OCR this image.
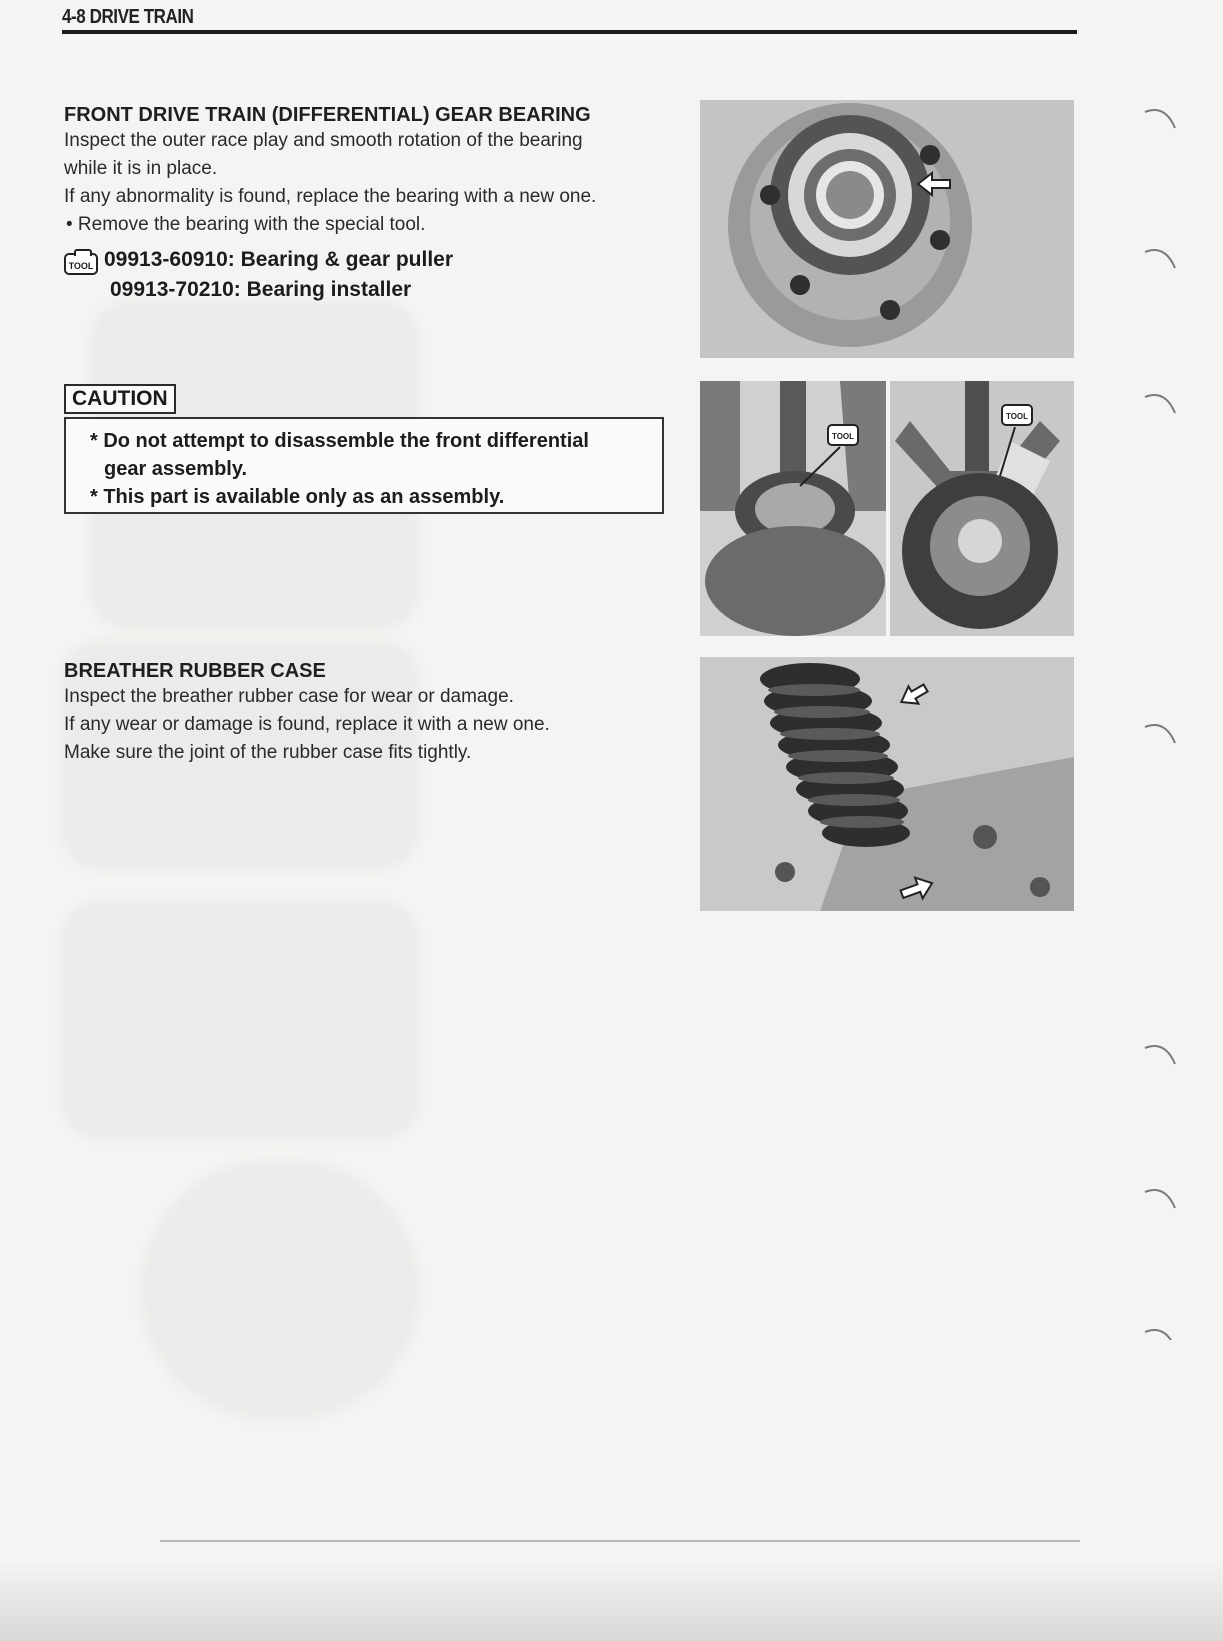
4-8 DRIVE TRAIN
FRONT DRIVE TRAIN (DIFFERENTIAL) GEAR BEARING
Inspect the outer race play and smooth rotation of the bearing
while it is in place.
If any abnormality is found, replace the bearing with a new one.
• Remove the bearing with the special tool.
TOOL 09913-60910: Bearing & gear puller
09913-70210: Bearing installer
CAUTION
* Do not attempt to disassemble the front differential
gear assembly.
* This part is available only as an assembly.
BREATHER RUBBER CASE
Inspect the breather rubber case for wear or damage.
If any wear or damage is found, replace it with a new one.
Make sure the joint of the rubber case fits tightly.
TOOL
TOOL
